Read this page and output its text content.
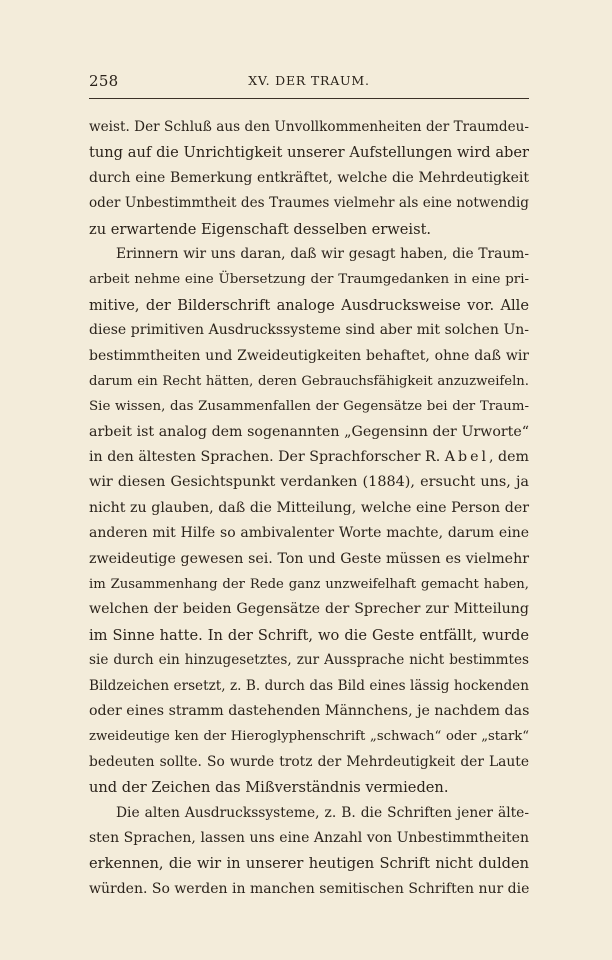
258	XV. DER TRAUM.
weist. Der Schluß aus den Unvollkommenheiten der Traumdeu-
tung auf die Unrichtigkeit unserer Aufstellungen wird aber
durch eine Bemerkung entkräftet, welche die Mehrdeutigkeit
oder Unbestimmtheit des Traumes vielmehr als eine notwendig
zu erwartende Eigenschaft desselben erweist.
Erinnern wir uns daran, daß wir gesagt haben, die Traum-
arbeit nehme eine Übersetzung der Traumgedanken in eine pri-
mitive, der Bilderschrift analoge Ausdrucksweise vor. Alle
diese primitiven Ausdruckssysteme sind aber mit solchen Un-
bestimmtheiten und Zweideutigkeiten behaftet, ohne daß wir
darum ein Recht hätten, deren Gebrauchsfähigkeit anzuzweifeln.
Sie wissen, das Zusammenfallen der Gegensätze bei der Traum-
arbeit ist analog dem sogenannten „Gegensinn der Urworte“
in den ältesten Sprachen. Der Sprachforscher R. Abel, dem
wir diesen Gesichtspunkt verdanken (1884), ersucht uns, ja
nicht zu glauben, daß die Mitteilung, welche eine Person der
anderen mit Hilfe so ambivalenter Worte machte, darum eine
zweideutige gewesen sei. Ton und Geste müssen es vielmehr
im Zusammenhang der Rede ganz unzweifelhaft gemacht haben,
welchen der beiden Gegensätze der Sprecher zur Mitteilung
im Sinne hatte. In der Schrift, wo die Geste entfällt, wurde
sie durch ein hinzugesetztes, zur Aussprache nicht bestimmtes
Bildzeichen ersetzt, z. B. durch das Bild eines lässig hockenden
oder eines stramm dastehenden Männchens, je nachdem das
zweideutige ken der Hieroglyphenschrift „schwach“ oder „stark“
bedeuten sollte. So wurde trotz der Mehrdeutigkeit der Laute
und der Zeichen das Mißverständnis vermieden.
Die alten Ausdruckssysteme, z. B. die Schriften jener älte-
sten Sprachen, lassen uns eine Anzahl von Unbestimmtheiten
erkennen, die wir in unserer heutigen Schrift nicht dulden
würden. So werden in manchen semitischen Schriften nur die
